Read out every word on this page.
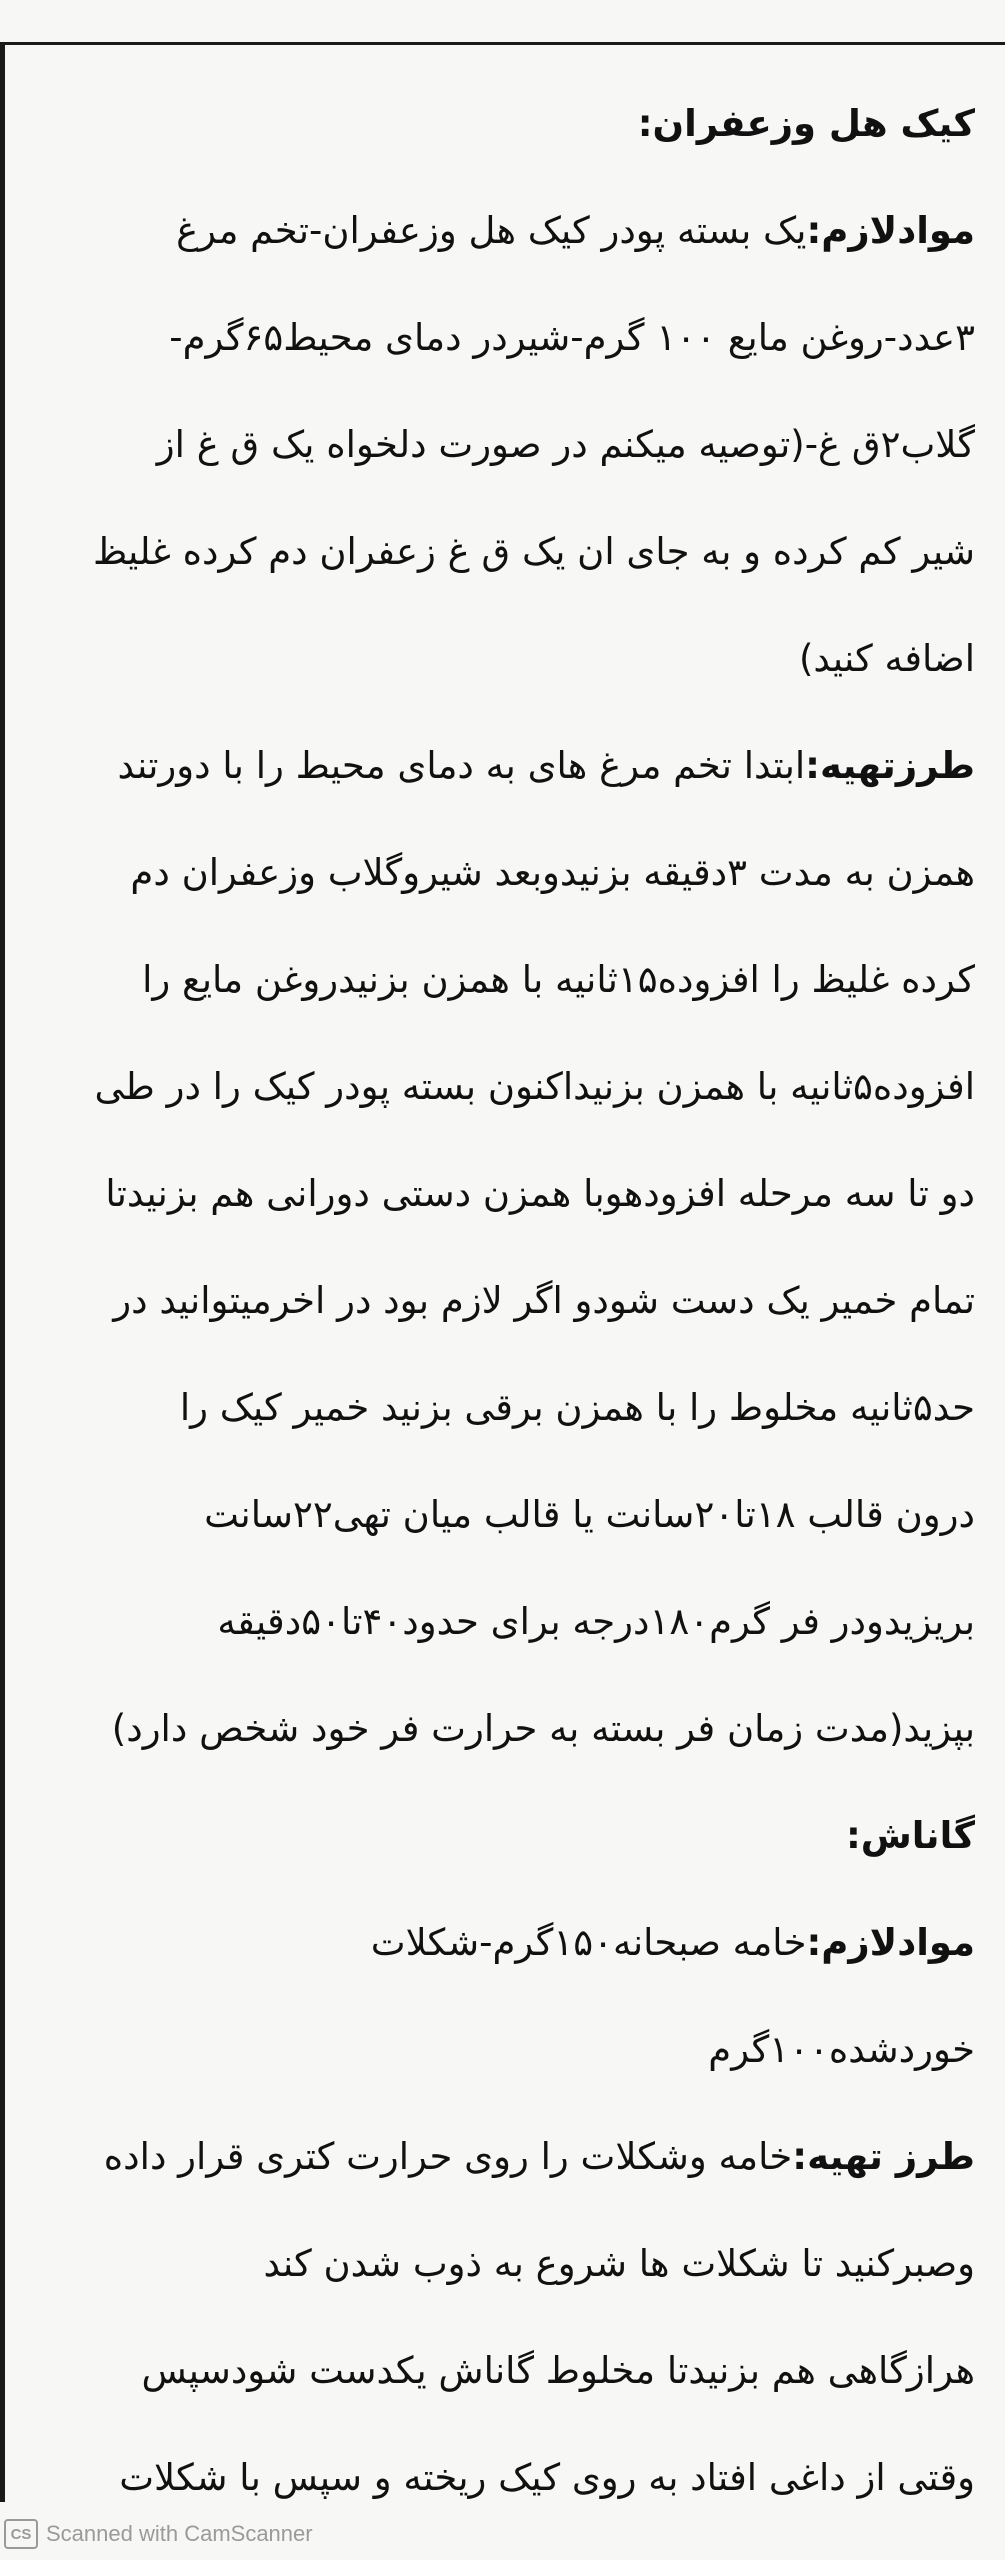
کیک هل وزعفران:
موادلازم:یک بسته پودر کیک هل وزعفران-تخم مرغ
۳عدد-روغن مایع ۱۰۰ گرم-شیردر دمای محیط۶۵گرم-
گلاب۲ق غ-(توصیه میکنم در صورت دلخواه یک ق غ از
شیر کم کرده و به جای ان یک ق غ زعفران دم کرده غلیظ
اضافه کنید)
طرزتهیه:ابتدا تخم مرغ های به دمای محیط را با دورتند
همزن به مدت ۳دقیقه بزنیدوبعد شیروگلاب وزعفران دم
کرده غلیظ را افزوده۱۵ثانیه با همزن بزنیدروغن مایع را
افزوده۵ثانیه با همزن بزنیداکنون بسته پودر کیک را در طی
دو تا سه مرحله افزودهوبا همزن دستی دورانی هم بزنیدتا
تمام خمیر یک دست شودو اگر لازم بود در اخرمیتوانید در
حد۵ثانیه مخلوط را با همزن برقی بزنید خمیر کیک را
درون قالب ۱۸تا۲۰سانت یا قالب میان تهی۲۲سانت
بریزیدودر فر گرم۱۸۰درجه برای حدود۴۰تا۵۰دقیقه
بپزید(مدت زمان فر بسته به حرارت فر خود شخص دارد)
گاناش:
موادلازم:خامه صبحانه۱۵۰گرم-شکلات
خوردشده۱۰۰گرم
طرز تهیه:خامه وشکلات را روی حرارت کتری قرار داده
وصبرکنید تا شکلات ها شروع به ذوب شدن کند
هرازگاهی هم بزنیدتا مخلوط گاناش یکدست شودسپس
وقتی از داغی افتاد به روی کیک ریخته و سپس با شکلات
CS Scanned with CamScanner
